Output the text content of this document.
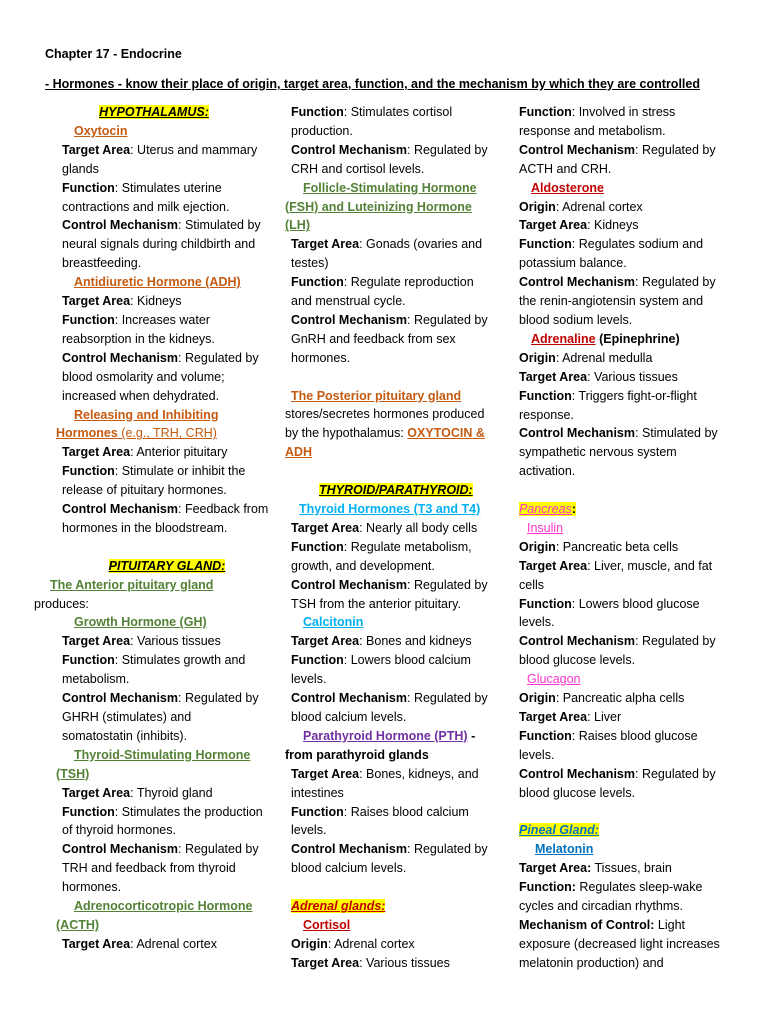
Chapter 17 - Endocrine
- Hormones - know their place of origin, target area, function, and the mechanism by which they are controlled
HYPOTHALAMUS:
Oxytocin
Target Area: Uterus and mammary
glands
Function: Stimulates uterine
contractions and milk ejection.
Control Mechanism: Stimulated by
neural signals during childbirth and
breastfeeding.
Antidiuretic Hormone (ADH)
Target Area: Kidneys
Function: Increases water
reabsorption in the kidneys.
Control Mechanism: Regulated by
blood osmolarity and volume;
increased when dehydrated.
Releasing and Inhibiting
Hormones (e.g., TRH, CRH)
Target Area: Anterior pituitary
Function: Stimulate or inhibit the
release of pituitary hormones.
Control Mechanism: Feedback from
hormones in the bloodstream.
PITUITARY GLAND:
The Anterior pituitary gland
produces:
Growth Hormone (GH)
Target Area: Various tissues
Function: Stimulates growth and
metabolism.
Control Mechanism: Regulated by
GHRH (stimulates) and
somatostatin (inhibits).
Thyroid-Stimulating Hormone
(TSH)
Target Area: Thyroid gland
Function: Stimulates the production
of thyroid hormones.
Control Mechanism: Regulated by
TRH and feedback from thyroid
hormones.
Adrenocorticotropic Hormone
(ACTH)
Target Area: Adrenal cortex
Function: Stimulates cortisol
production.
Control Mechanism: Regulated by
CRH and cortisol levels.
Follicle-Stimulating Hormone
(FSH) and Luteinizing Hormone (LH)
Target Area: Gonads (ovaries and
testes)
Function: Regulate reproduction
and menstrual cycle.
Control Mechanism: Regulated by
GnRH and feedback from sex
hormones.
The Posterior pituitary gland
stores/secretes hormones produced
by the hypothalamus: OXYTOCIN &
ADH
THYROID/PARATHYROID:
Thyroid Hormones (T3 and T4)
Target Area: Nearly all body cells
Function: Regulate metabolism,
growth, and development.
Control Mechanism: Regulated by
TSH from the anterior pituitary.
Calcitonin
Target Area: Bones and kidneys
Function: Lowers blood calcium
levels.
Control Mechanism: Regulated by
blood calcium levels.
Parathyroid Hormone (PTH) -
from parathyroid glands
Target Area: Bones, kidneys, and
intestines
Function: Raises blood calcium
levels.
Control Mechanism: Regulated by
blood calcium levels.
Adrenal glands:
Cortisol
Origin: Adrenal cortex
Target Area: Various tissues
Function: Involved in stress
response and metabolism.
Control Mechanism: Regulated by
ACTH and CRH.
Aldosterone
Origin: Adrenal cortex
Target Area: Kidneys
Function: Regulates sodium and
potassium balance.
Control Mechanism: Regulated by
the renin-angiotensin system and
blood sodium levels.
Adrenaline (Epinephrine)
Origin: Adrenal medulla
Target Area: Various tissues
Function: Triggers fight-or-flight
response.
Control Mechanism: Stimulated by
sympathetic nervous system
activation.
Pancreas:
Insulin
Origin: Pancreatic beta cells
Target Area: Liver, muscle, and fat
cells
Function: Lowers blood glucose
levels.
Control Mechanism: Regulated by
blood glucose levels.
Glucagon
Origin: Pancreatic alpha cells
Target Area: Liver
Function: Raises blood glucose
levels.
Control Mechanism: Regulated by
blood glucose levels.
Pineal Gland:
Melatonin
Target Area: Tissues, brain
Function: Regulates sleep-wake
cycles and circadian rhythms.
Mechanism of Control: Light
exposure (decreased light increases
melatonin production) and
